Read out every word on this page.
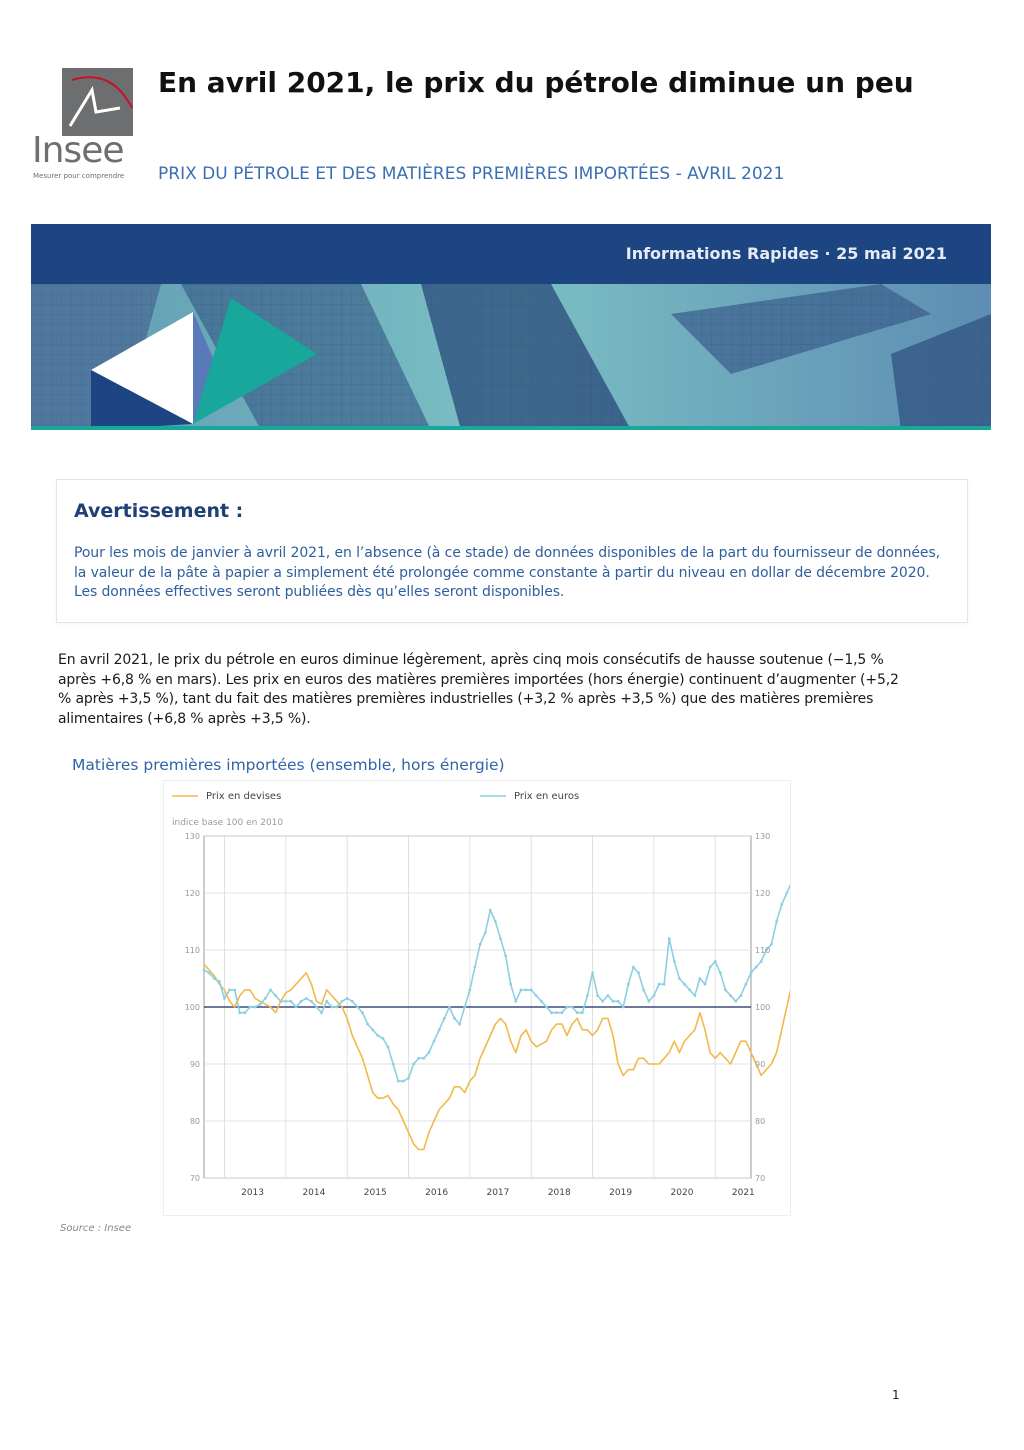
Insee
Mesurer pour comprendre
En avril 2021, le prix du pétrole diminue un peu
PRIX DU PÉTROLE ET DES MATIÈRES PREMIÈRES IMPORTÉES - AVRIL 2021
Informations Rapides · 25 mai 2021
Avertissement :
Pour les mois de janvier à avril 2021, en l’absence (à ce stade) de données disponibles de la part du fournisseur de données, la valeur de la pâte à papier a simplement été prolongée comme constante à partir du niveau en dollar de décembre 2020. Les données effectives seront publiées dès qu’elles seront disponibles.
En avril 2021, le prix du pétrole en euros diminue légèrement, après cinq mois consécutifs de hausse soutenue (−1,5 % après +6,8 % en mars). Les prix en euros des matières premières importées (hors énergie) continuent d’augmenter (+5,2 % après +3,5 %), tant du fait des matières premières industrielles (+3,2 % après +3,5 %) que des matières premières alimentaires (+6,8 % après +3,5 %).
Matières premières importées (ensemble, hors énergie)
Prix en devises	Prix en euros
indice base 100 en 2010
70	70
80	80
90	90
100	100
110	110
120	120
130	130
2013	2014	2015	2016	2017	2018	2019	2020	2021
Source : Insee
1
